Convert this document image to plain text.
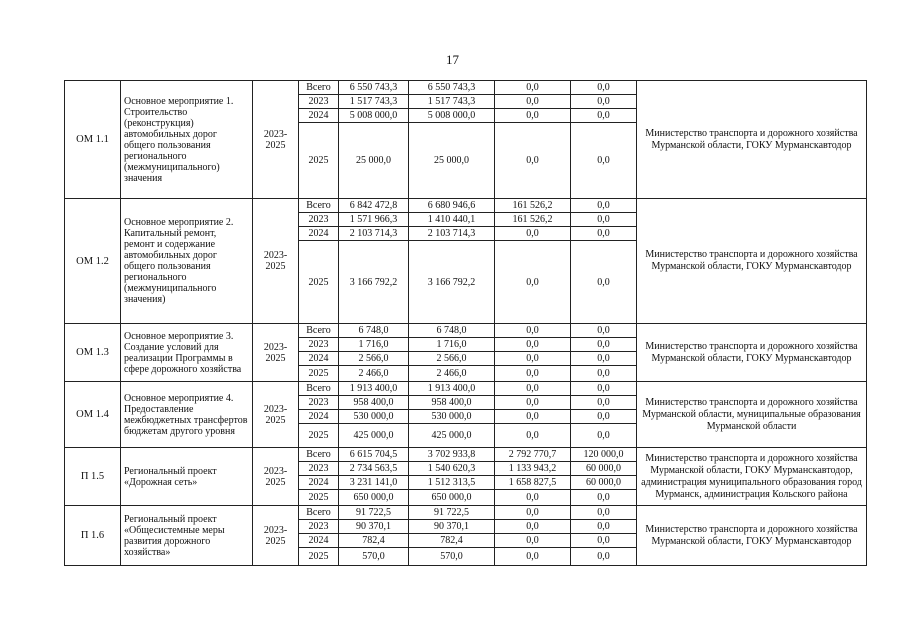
17
ОМ 1.1	Основное мероприятие 1. Строительство (реконструкция) автомобильных дорог общего пользования регионального (межмуниципального) значения	2023-2025	Всего	6 550 743,3	6 550 743,3	0,0	0,0	Министерство транспорта и дорожного хозяйства Мурманской области, ГОКУ Мурманскавтодор
			2023	1 517 743,3	1 517 743,3	0,0	0,0	
			2024	5 008 000,0	5 008 000,0	0,0	0,0	
			2025	25 000,0	25 000,0	0,0	0,0	
ОМ 1.2	Основное мероприятие 2. Капитальный ремонт, ремонт и содержание автомобильных дорог общего пользования регионального (межмуниципального значения)	2023-2025	Всего	6 842 472,8	6 680 946,6	161 526,2	0,0	Министерство транспорта и дорожного хозяйства Мурманской области, ГОКУ Мурманскавтодор
			2023	1 571 966,3	1 410 440,1	161 526,2	0,0	
			2024	2 103 714,3	2 103 714,3	0,0	0,0	
			2025	3 166 792,2	3 166 792,2	0,0	0,0	
ОМ 1.3	Основное мероприятие 3. Создание условий для реализации Программы в сфере дорожного хозяйства	2023-2025	Всего	6 748,0	6 748,0	0,0	0,0	Министерство транспорта и дорожного хозяйства Мурманской области, ГОКУ Мурманскавтодор
			2023	1 716,0	1 716,0	0,0	0,0	
			2024	2 566,0	2 566,0	0,0	0,0	
			2025	2 466,0	2 466,0	0,0	0,0	
ОМ 1.4	Основное мероприятие 4. Предоставление межбюджетных трансфертов бюджетам другого уровня	2023-2025	Всего	1 913 400,0	1 913 400,0	0,0	0,0	Министерство транспорта и дорожного хозяйства Мурманской области, муниципальные образования Мурманской области
			2023	958 400,0	958 400,0	0,0	0,0	
			2024	530 000,0	530 000,0	0,0	0,0	
			2025	425 000,0	425 000,0	0,0	0,0	
П 1.5	Региональный проект «Дорожная сеть»	2023-2025	Всего	6 615 704,5	3 702 933,8	2 792 770,7	120 000,0	Министерство транспорта и дорожного хозяйства Мурманской области, ГОКУ Мурманскавтодор, администрация муниципального образования город Мурманск, администрация Кольского района
			2023	2 734 563,5	1 540 620,3	1 133 943,2	60 000,0	
			2024	3 231 141,0	1 512 313,5	1 658 827,5	60 000,0	
			2025	650 000,0	650 000,0	0,0	0,0	
П 1.6	Региональный проект «Общесистемные меры развития дорожного хозяйства»	2023-2025	Всего	91 722,5	91 722,5	0,0	0,0	Министерство транспорта и дорожного хозяйства Мурманской области, ГОКУ Мурманскавтодор
			2023	90 370,1	90 370,1	0,0	0,0	
			2024	782,4	782,4	0,0	0,0	
			2025	570,0	570,0	0,0	0,0	
